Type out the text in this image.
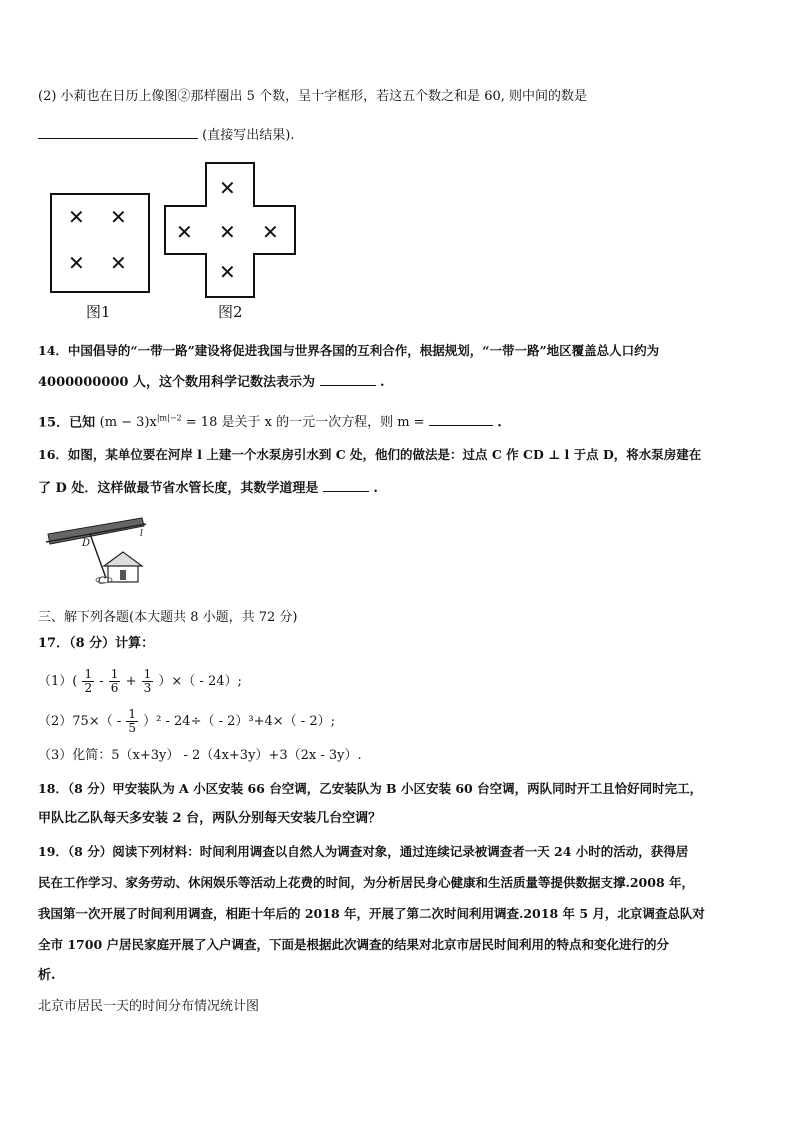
(2) 小莉也在日历上像图②那样圈出 5 个数，呈十字框形，若这五个数之和是 60, 则中间的数是
(直接写出结果).
✕ ✕
✕ ✕
图1
✕
✕ ✕ ✕
✕
图2
14．中国倡导的“一带一路”建设将促进我国与世界各国的互利合作，根据规划，“一带一路”地区覆盖总人口约为
4000000000 人，这个数用科学记数法表示为	.
15．已知 $(m - 3)x^{|m|-2} = 18$ 是关于 x 的一元一次方程，则 m =	.
16．如图，某单位要在河岸 l 上建一个水泵房引水到 C 处，他们的做法是：过点 C 作 CD ⊥ l 于点 D，将水泵房建在
了 D 处．这样做最节省水管长度，其数学道理是	.
D
l
C
三、解下列各题(本大题共 8 小题，共 72 分)
17．（8 分）计算：
$(1)( \frac{1}{2} - \frac{1}{6} + \frac{1}{3}$ ）×（ - 24）;
$(2)75\times( - \frac{1}{5} )^2 - 24\div( - 2)^3+4\times( - 2)$;
（3）化简：5（x+3y） - 2（4x+3y）+3（2x - 3y）.
18．（8 分）甲安装队为 A 小区安装 66 台空调，乙安装队为 B 小区安装 60 台空调，两队同时开工且恰好同时完工，
甲队比乙队每天多安装 2 台，两队分别每天安装几台空调？
19．（8 分）阅读下列材料：时间利用调查以自然人为调查对象，通过连续记录被调查者一天 24 小时的活动，获得居
民在工作学习、家务劳动、休闲娱乐等活动上花费的时间，为分析居民身心健康和生活质量等提供数据支撑.2008 年，
我国第一次开展了时间利用调查，相距十年后的 2018 年，开展了第二次时间利用调查.2018 年 5 月，北京调查总队对
全市 1700 户居民家庭开展了入户调查，下面是根据此次调查的结果对北京市居民时间利用的特点和变化进行的分
析.
北京市居民一天的时间分布情况统计图
